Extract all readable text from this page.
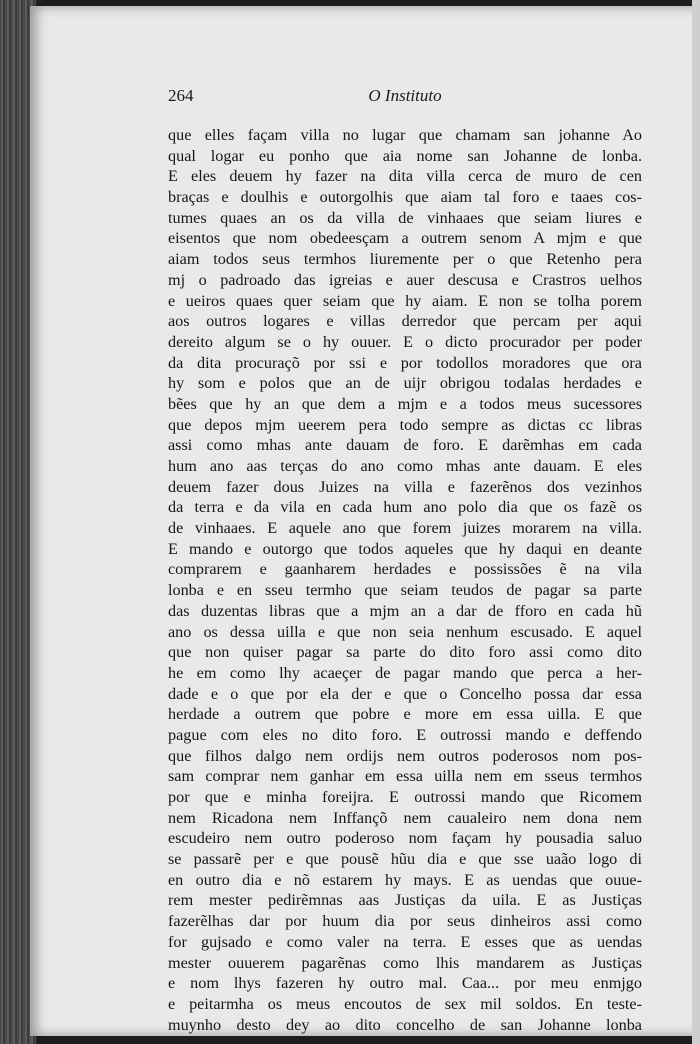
264	O Instituto
que elles façam villa no lugar que chamam san johanne Ao
qual logar eu ponho que aia nome san Johanne de lonba.
E eles deuem hy fazer na dita villa cerca de muro de cen
braças e doulhis e outorgolhis que aiam tal foro e taaes cos-
tumes quaes an os da villa de vinhaaes que seiam liures e
eisentos que nom obedeesçam a outrem senom A mjm e que
aiam todos seus termhos liuremente per o que Retenho pera
mj o padroado das igreias e auer descusa e Crastros uelhos
e ueiros quaes quer seiam que hy aiam. E non se tolha porem
aos outros logares e villas derredor que percam per aqui
dereito algum se o hy ouuer. E o dicto procurador per poder
da dita procuraçõ por ssi e por todollos moradores que ora
hy som e polos que an de uijr obrigou todalas herdades e
bẽes que hy an que dem a mjm e a todos meus sucessores
que depos mjm ueerem pera todo sempre as dictas cc libras
assi como mhas ante dauam de foro. E darẽmhas em cada
hum ano aas terças do ano como mhas ante dauam. E eles
deuem fazer dous Juizes na villa e fazerẽnos dos vezinhos
da terra e da vila en cada hum ano polo dia que os fazẽ os
de vinhaaes. E aquele ano que forem juizes morarem na villa.
E mando e outorgo que todos aqueles que hy daqui en deante
comprarem e gaanharem herdades e possissões ẽ na vila
lonba e en sseu termho que seiam teudos de pagar sa parte
das duzentas libras que a mjm an a dar de fforo en cada hũ
ano os dessa uilla e que non seia nenhum escusado. E aquel
que non quiser pagar sa parte do dito foro assi como dito
he em como lhy acaeçer de pagar mando que perca a her-
dade e o que por ela der e que o Concelho possa dar essa
herdade a outrem que pobre e more em essa uilla. E que
pague com eles no dito foro. E outrossi mando e deffendo
que filhos dalgo nem ordijs nem outros poderosos nom pos-
sam comprar nem ganhar em essa uilla nem em sseus termhos
por que e minha foreijra. E outrossi mando que Ricomem
nem Ricadona nem Inffançõ nem caualeiro nem dona nem
escudeiro nem outro poderoso nom façam hy pousadia saluo
se passarẽ per e que pousẽ hũu dia e que sse uaão logo di
en outro dia e nõ estarem hy mays. E as uendas que ouue-
rem mester pedirẽmnas aas Justiças da uila. E as Justiças
fazerẽlhas dar por huum dia por seus dinheiros assi como
for gujsado e como valer na terra. E esses que as uendas
mester ouuerem pagarẽnas como lhis mandarem as Justiças
e nom lhys fazeren hy outro mal. Caa... por meu enmjgo
e peitarmha os meus encoutos de sex mil soldos. En teste-
muynho desto dey ao dito concelho de san Johanne lonba
